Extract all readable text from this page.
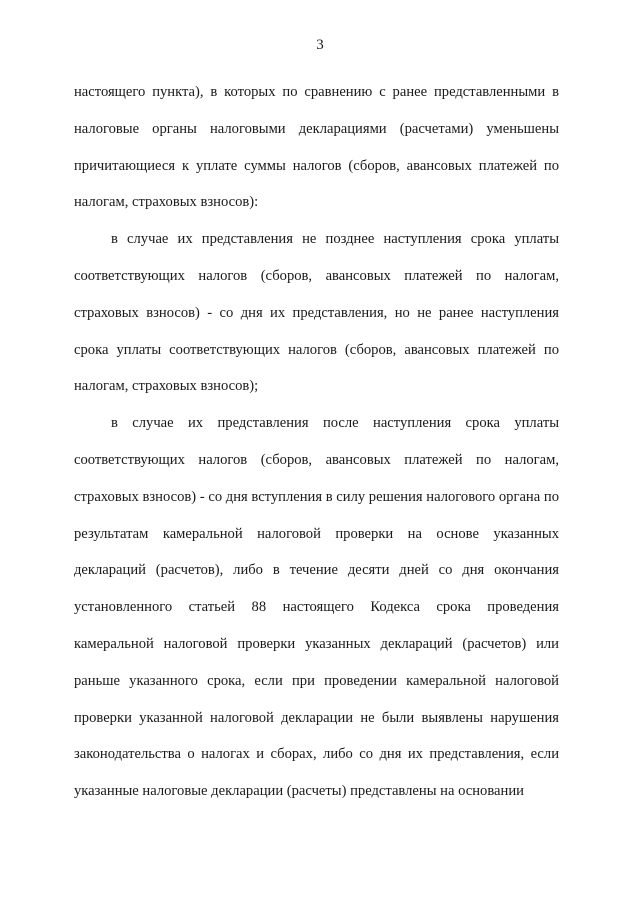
3

настоящего пункта), в которых по сравнению с ранее представленными в налоговые органы налоговыми декларациями (расчетами) уменьшены причитающиеся к уплате суммы налогов (сборов, авансовых платежей по налогам, страховых взносов):

в случае их представления не позднее наступления срока уплаты соответствующих налогов (сборов, авансовых платежей по налогам, страховых взносов) - со дня их представления, но не ранее наступления срока уплаты соответствующих налогов (сборов, авансовых платежей по налогам, страховых взносов);

в случае их представления после наступления срока уплаты соответствующих налогов (сборов, авансовых платежей по налогам, страховых взносов) - со дня вступления в силу решения налогового органа по результатам камеральной налоговой проверки на основе указанных деклараций (расчетов), либо в течение десяти дней со дня окончания установленного статьей 88 настоящего Кодекса срока проведения камеральной налоговой проверки указанных деклараций (расчетов) или раньше указанного срока, если при проведении камеральной налоговой проверки указанной налоговой декларации не были выявлены нарушения законодательства о налогах и сборах, либо со дня их представления, если указанные налоговые декларации (расчеты) представлены на основании
